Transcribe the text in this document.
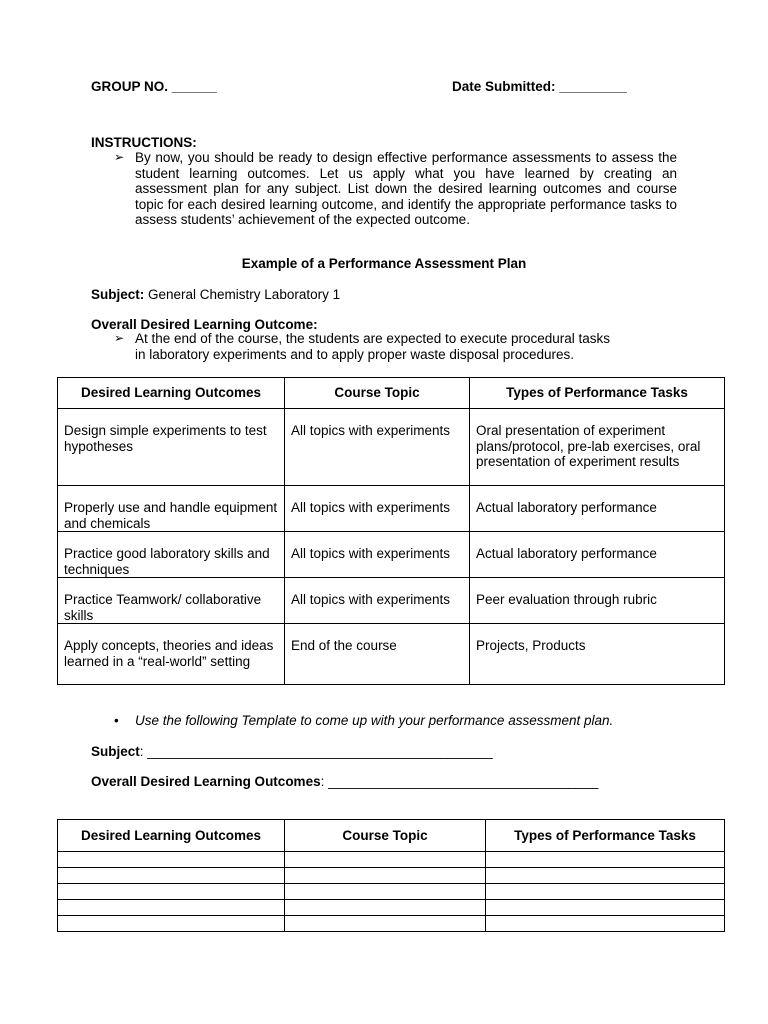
GROUP NO. ______	Date Submitted: _________
INSTRUCTIONS:
➢ By now, you should be ready to design effective performance assessments to assess the student learning outcomes. Let us apply what you have learned by creating an assessment plan for any subject. List down the desired learning outcomes and course topic for each desired learning outcome, and identify the appropriate performance tasks to assess students’ achievement of the expected outcome.
Example of a Performance Assessment Plan
Subject: General Chemistry Laboratory 1
Overall Desired Learning Outcome:
➢ At the end of the course, the students are expected to execute procedural tasks
in laboratory experiments and to apply proper waste disposal procedures.
Desired Learning Outcomes	Course Topic	Types of Performance Tasks
Design simple experiments to test hypotheses	All topics with experiments	Oral presentation of experiment plans/protocol, pre-lab exercises, oral presentation of experiment results
Properly use and handle equipment and chemicals	All topics with experiments	Actual laboratory performance
Practice good laboratory skills and techniques	All topics with experiments	Actual laboratory performance
Practice Teamwork/ collaborative skills	All topics with experiments	Peer evaluation through rubric
Apply concepts, theories and ideas learned in a “real-world” setting	End of the course	Projects, Products
•	Use the following Template to come up with your performance assessment plan.
Subject: ______________________________________________
Overall Desired Learning Outcomes: ____________________________________
Desired Learning Outcomes	Course Topic	Types of Performance Tasks
